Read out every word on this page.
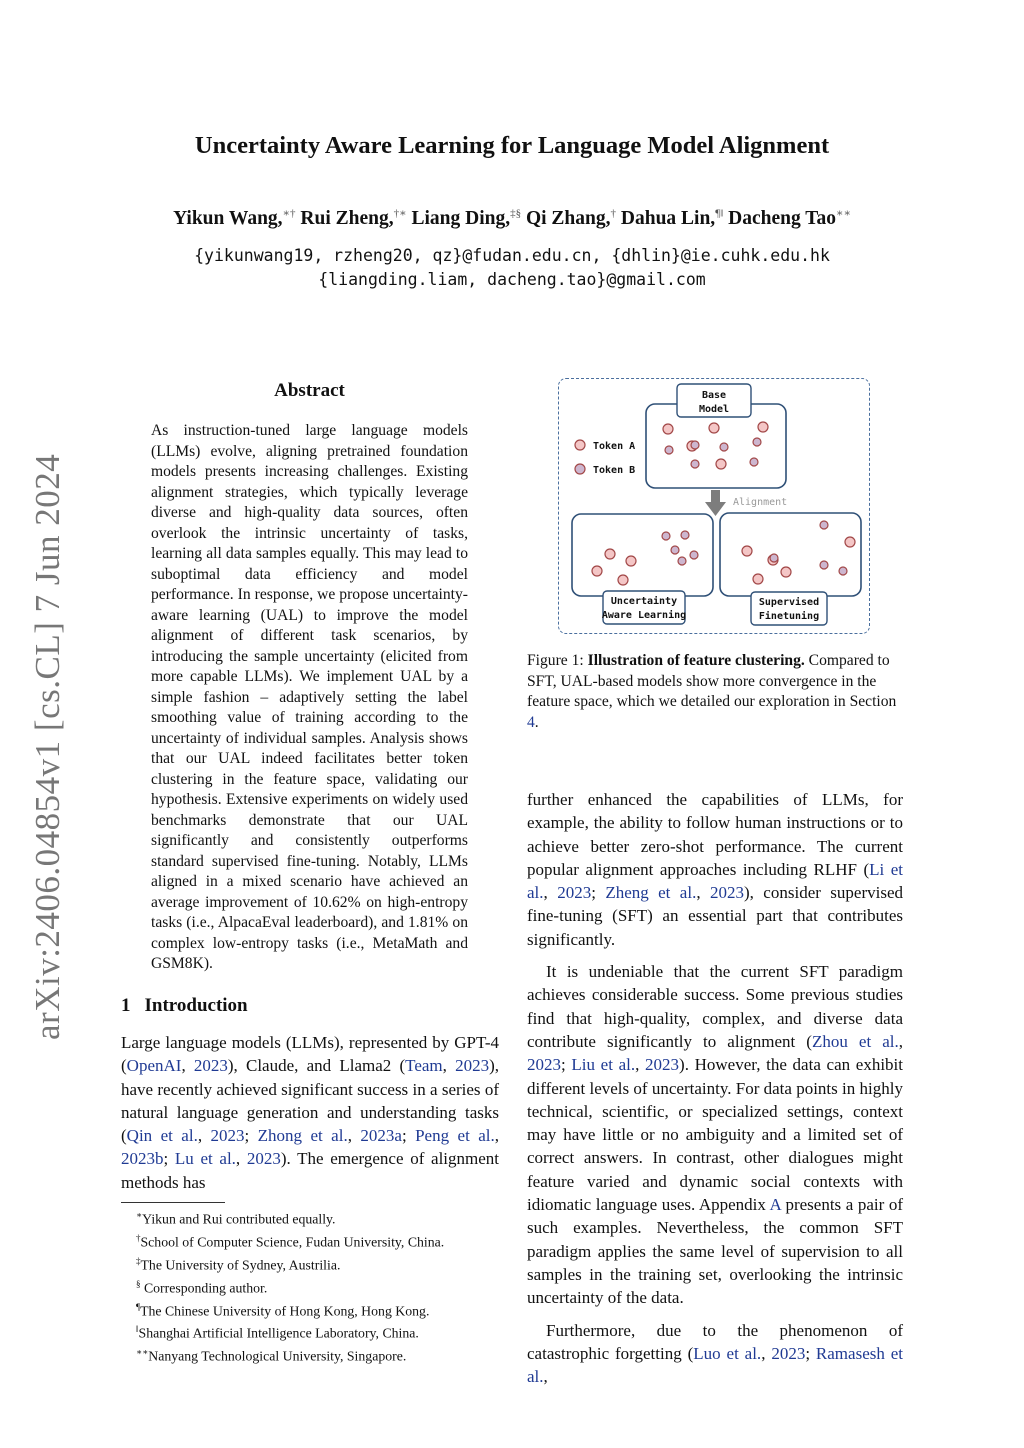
arXiv:2406.04854v1 [cs.CL] 7 Jun 2024
Uncertainty Aware Learning for Language Model Alignment
Yikun Wang,∗† Rui Zheng,†∗ Liang Ding,‡§ Qi Zhang,† Dahua Lin,$^{\P ǁ}$ Dacheng Tao∗∗
{yikunwang19, rzheng20, qz}@fudan.edu.cn, {dhlin}@ie.cuhk.edu.hk
{liangding.liam, dacheng.tao}@gmail.com
Abstract
As instruction-tuned large language models (LLMs) evolve, aligning pretrained foundation models presents increasing challenges. Existing alignment strategies, which typically leverage diverse and high-quality data sources, often overlook the intrinsic uncertainty of tasks, learning all data samples equally. This may lead to suboptimal data efficiency and model performance. In response, we propose uncertainty-aware learning (UAL) to improve the model alignment of different task scenarios, by introducing the sample uncertainty (elicited from more capable LLMs). We implement UAL by a simple fashion – adaptively setting the label smoothing value of training according to the uncertainty of individual samples. Analysis shows that our UAL indeed facilitates better token clustering in the feature space, validating our hypothesis. Extensive experiments on widely used benchmarks demonstrate that our UAL significantly and consistently outperforms standard supervised fine-tuning. Notably, LLMs aligned in a mixed scenario have achieved an average improvement of 10.62% on high-entropy tasks (i.e., AlpacaEval leaderboard), and 1.81% on complex low-entropy tasks (i.e., MetaMath and GSM8K).
1 Introduction
Large language models (LLMs), represented by GPT-4 (OpenAI, 2023), Claude, and Llama2 (Team, 2023), have recently achieved significant success in a series of natural language generation and understanding tasks (Qin et al., 2023; Zhong et al., 2023a; Peng et al., 2023b; Lu et al., 2023). The emergence of alignment methods has
∗Yikun and Rui contributed equally.
†School of Computer Science, Fudan University, China.
‡The University of Sydney, Austrilia.
§ Corresponding author.
¶The Chinese University of Hong Kong, Hong Kong.
$^ǁ$Shanghai Artificial Intelligence Laboratory, China.
∗∗Nanyang Technological University, Singapore.
Base
Model
Token A
Token B
Alignment
Uncertainty
Aware Learning
Supervised
Finetuning
Figure 1: Illustration of feature clustering. Compared to SFT, UAL-based models show more convergence in the feature space, which we detailed our exploration in Section 4.

further enhanced the capabilities of LLMs, for example, the ability to follow human instructions or to achieve better zero-shot performance. The current popular alignment approaches including RLHF (Li et al., 2023; Zheng et al., 2023), consider supervised fine-tuning (SFT) an essential part that contributes significantly.

It is undeniable that the current SFT paradigm achieves considerable success. Some previous studies find that high-quality, complex, and diverse data contribute significantly to alignment (Zhou et al., 2023; Liu et al., 2023). However, the data can exhibit different levels of uncertainty. For data points in highly technical, scientific, or specialized settings, context may have little or no ambiguity and a limited set of correct answers. In contrast, other dialogues might feature varied and dynamic social contexts with idiomatic language uses. Appendix A presents a pair of such examples. Nevertheless, the common SFT paradigm applies the same level of supervision to all samples in the training set, overlooking the intrinsic uncertainty of the data.

Furthermore, due to the phenomenon of catastrophic forgetting (Luo et al., 2023; Ramasesh et al.,
